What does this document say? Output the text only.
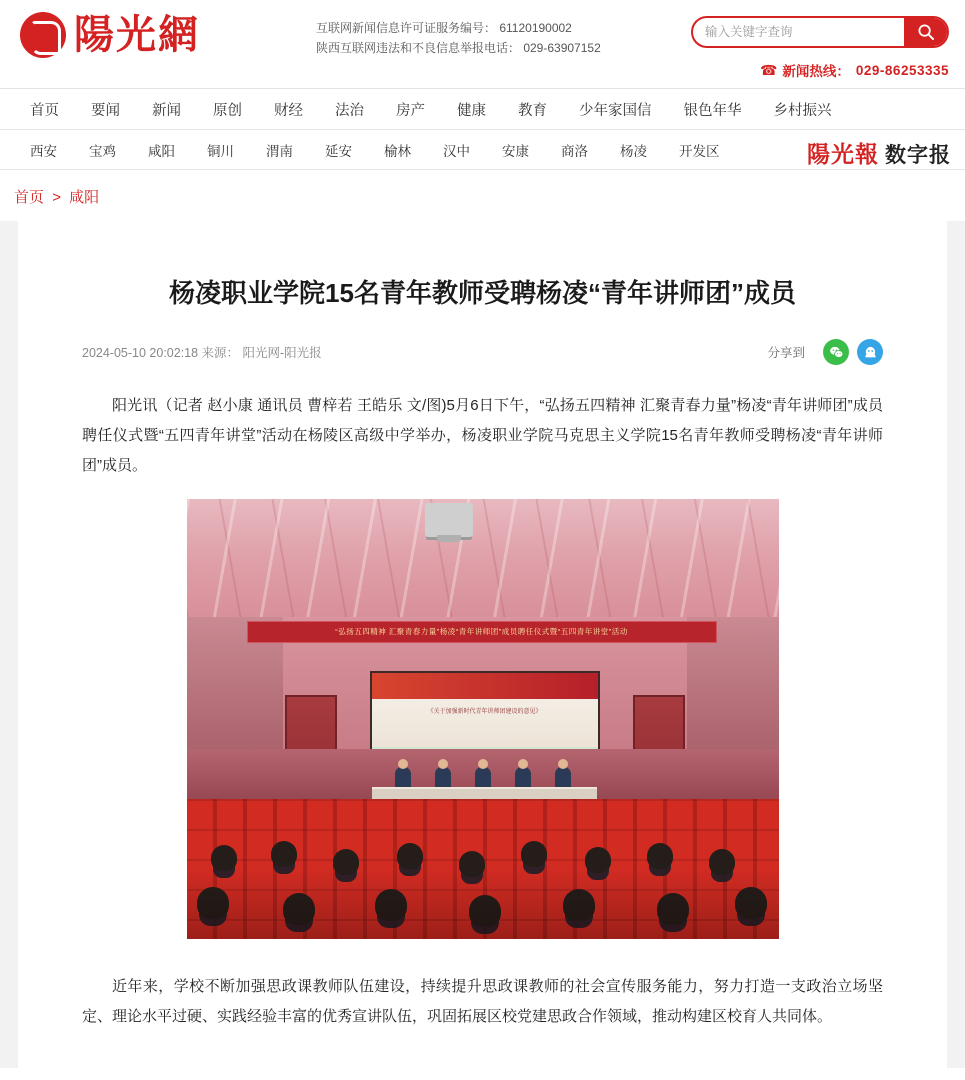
陽光網	互联网新闻信息许可证服务编号： 61120190002
陕西互联网违法和不良信息举报电话： 029-63907152
输入关键字查询
☎ 新闻热线： 029-86253335
首页	要闻	新闻	原创	财经	法治	房产	健康	教育	少年家国信	银色年华	乡村振兴
西安	宝鸡	咸阳	铜川	渭南	延安	榆林	汉中	安康	商洛	杨凌	开发区	陽光報 数字报
首页 > 咸阳
杨凌职业学院15名青年教师受聘杨凌“青年讲师团”成员
2024-05-10 20:02:18 来源： 阳光网-阳光报	分享到

阳光讯（记者 赵小康 通讯员 曹梓若 王皓乐 文/图)5月6日下午，“弘扬五四精神 汇聚青春力量”杨凌“青年讲师团”成员聘任仪式暨“五四青年讲堂”活动在杨陵区高级中学举办，杨凌职业学院马克思主义学院15名青年教师受聘杨凌“青年讲师团”成员。

“弘扬五四精神 汇聚青春力量”杨凌“青年讲师团”成员聘任仪式暨“五四青年讲堂”活动
《关于加强新时代青年讲师团建设的意见》

近年来，学校不断加强思政课教师队伍建设，持续提升思政课教师的社会宣传服务能力，努力打造一支政治立场坚定、理论水平过硬、实践经验丰富的优秀宣讲队伍，巩固拓展区校党建思政合作领域，推动构建区校育人共同体。
